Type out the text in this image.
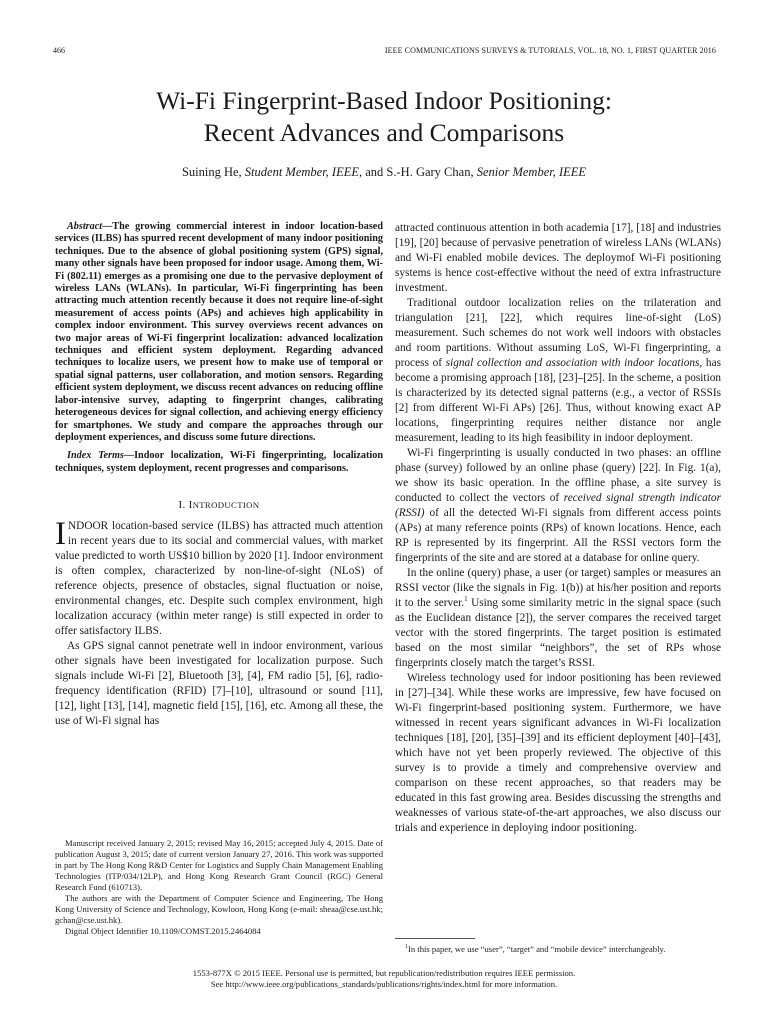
466	IEEE COMMUNICATIONS SURVEYS & TUTORIALS, VOL. 18, NO. 1, FIRST QUARTER 2016
Wi-Fi Fingerprint-Based Indoor Positioning:
Recent Advances and Comparisons
Suining He, Student Member, IEEE, and S.-H. Gary Chan, Senior Member, IEEE

Abstract—The growing commercial interest in indoor location-based services (ILBS) has spurred recent development of many indoor positioning techniques. Due to the absence of global positioning system (GPS) signal, many other signals have been proposed for indoor usage. Among them, Wi-Fi (802.11) emerges as a promising one due to the pervasive deployment of wireless LANs (WLANs). In particular, Wi-Fi fingerprinting has been attracting much attention recently because it does not require line-of-sight measurement of access points (APs) and achieves high applicability in complex indoor environment. This survey overviews recent advances on two major areas of Wi-Fi fingerprint localization: advanced localization techniques and efficient system deployment. Regarding advanced techniques to localize users, we present how to make use of temporal or spatial signal patterns, user collaboration, and motion sensors. Regarding efficient system deployment, we discuss recent advances on reducing offline labor-intensive survey, adapting to fingerprint changes, calibrating heterogeneous devices for signal collection, and achieving energy efficiency for smartphones. We study and compare the approaches through our deployment experiences, and discuss some future directions.

Index Terms—Indoor localization, Wi-Fi fingerprinting, localization techniques, system deployment, recent progresses and comparisons.

I. INTRODUCTION

INDOOR location-based service (ILBS) has attracted much attention in recent years due to its social and commercial values, with market value predicted to worth US$10 billion by 2020 [1]. Indoor environment is often complex, characterized by non-line-of-sight (NLoS) of reference objects, presence of obstacles, signal fluctuation or noise, environmental changes, etc. Despite such complex environment, high localization accuracy (within meter range) is still expected in order to offer satisfactory ILBS.

As GPS signal cannot penetrate well in indoor environment, various other signals have been investigated for localization purpose. Such signals include Wi-Fi [2], Bluetooth [3], [4], FM radio [5], [6], radio-frequency identification (RFID) [7]–[10], ultrasound or sound [11], [12], light [13], [14], magnetic field [15], [16], etc. Among all these, the use of Wi-Fi signal has

attracted continuous attention in both academia [17], [18] and industries [19], [20] because of pervasive penetration of wireless LANs (WLANs) and Wi-Fi enabled mobile devices. The deploymof Wi-Fi positioning systems is hence cost-effective without the need of extra infrastructure investment.

Traditional outdoor localization relies on the trilateration and triangulation [21], [22], which requires line-of-sight (LoS) measurement. Such schemes do not work well indoors with obstacles and room partitions. Without assuming LoS, Wi-Fi fingerprinting, a process of signal collection and association with indoor locations, has become a promising approach [18], [23]–[25]. In the scheme, a position is characterized by its detected signal patterns (e.g., a vector of RSSIs [2] from different Wi-Fi APs) [26]. Thus, without knowing exact AP locations, fingerprinting requires neither distance nor angle measurement, leading to its high feasibility in indoor deployment.

Wi-Fi fingerprinting is usually conducted in two phases: an offline phase (survey) followed by an online phase (query) [22]. In Fig. 1(a), we show its basic operation. In the offline phase, a site survey is conducted to collect the vectors of received signal strength indicator (RSSI) of all the detected Wi-Fi signals from different access points (APs) at many reference points (RPs) of known locations. Hence, each RP is represented by its fingerprint. All the RSSI vectors form the fingerprints of the site and are stored at a database for online query.

In the online (query) phase, a user (or target) samples or measures an RSSI vector (like the signals in Fig. 1(b)) at his/her position and reports it to the server.$^1$ Using some similarity metric in the signal space (such as the Euclidean distance [2]), the server compares the received target vector with the stored fingerprints. The target position is estimated based on the most similar “neighbors”, the set of RPs whose fingerprints closely match the target’s RSSI.

Wireless technology used for indoor positioning has been reviewed in [27]–[34]. While these works are impressive, few have focused on Wi-Fi fingerprint-based positioning system. Furthermore, we have witnessed in recent years significant advances in Wi-Fi localization techniques [18], [20], [35]–[39] and its efficient deployment [40]–[43], which have not yet been properly reviewed. The objective of this survey is to provide a timely and comprehensive overview and comparison on these recent approaches, so that readers may be educated in this fast growing area. Besides discussing the strengths and weaknesses of various state-of-the-art approaches, we also discuss our trials and experience in deploying indoor positioning.

Manuscript received January 2, 2015; revised May 16, 2015; accepted July 4, 2015. Date of publication August 3, 2015; date of current version January 27, 2016. This work was supported in part by The Hong Kong R&D Center for Logistics and Supply Chain Management Enabling Technologies (ITP/034/12LP), and Hong Kong Research Grant Council (RGC) General Research Fund (610713).

The authors are with the Department of Computer Science and Engineering, The Hong Kong University of Science and Technology, Kowloon, Hong Kong (e-mail: sheaa@cse.ust.hk; gchan@cse.ust.hk).

Digital Object Identifier 10.1109/COMST.2015.2464084

$^1$In this paper, we use “user”, “target” and “mobile device” interchangeably.
1553-877X © 2015 IEEE. Personal use is permitted, but republication/redistribution requires IEEE permission.
See http://www.ieee.org/publications_standards/publications/rights/index.html for more information.
